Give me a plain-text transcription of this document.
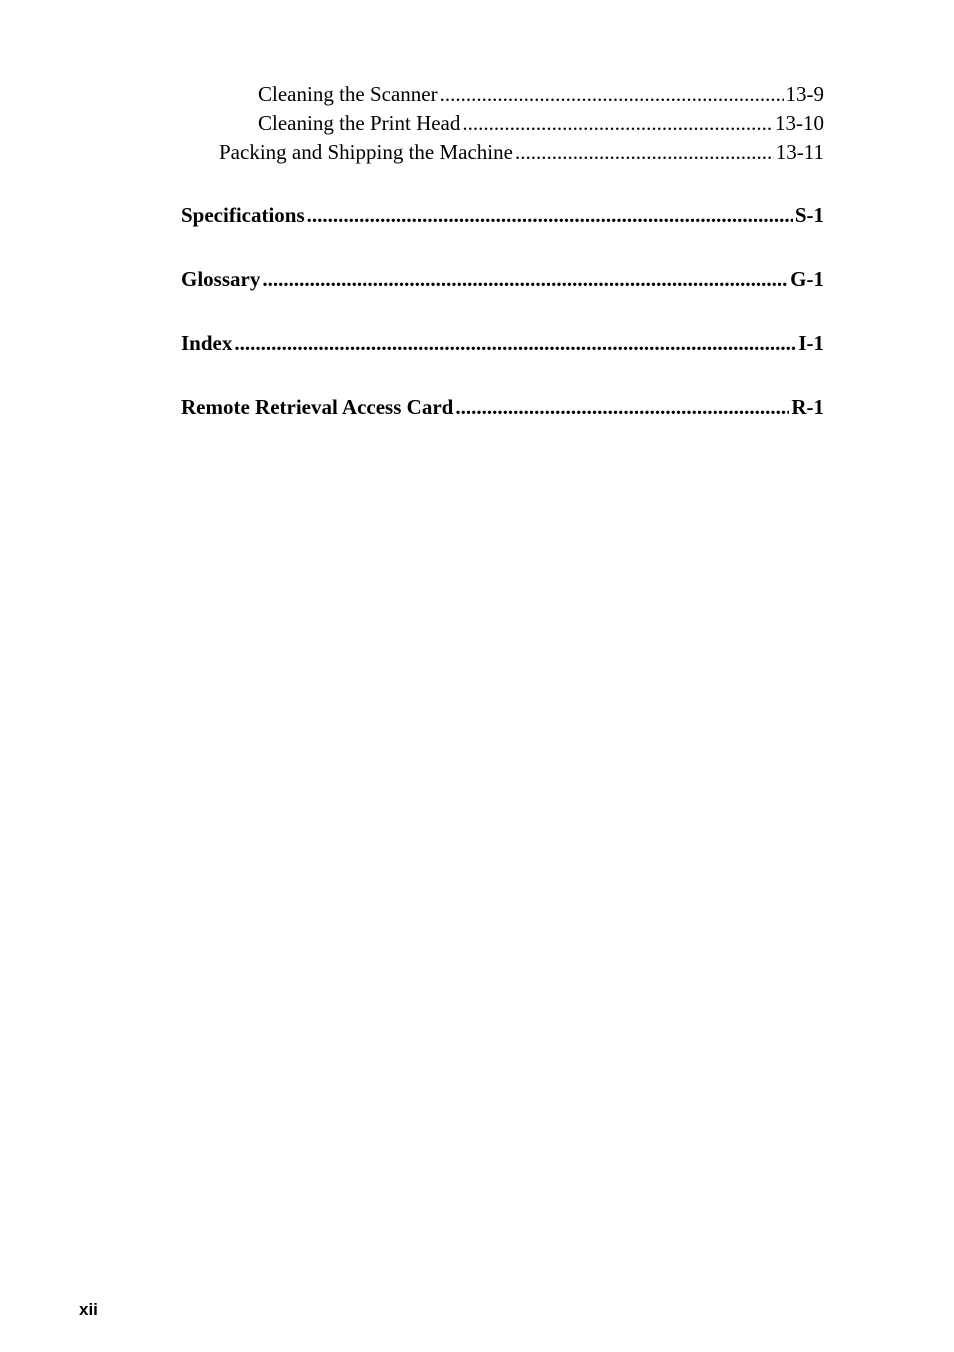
Cleaning the Scanner .....	13-9
Cleaning the Print Head .....	13-10
Packing and Shipping the Machine .....	13-11
Specifications .....	S-1
Glossary .....	G-1
Index .....	I-1
Remote Retrieval Access Card .....	R-1
xii
